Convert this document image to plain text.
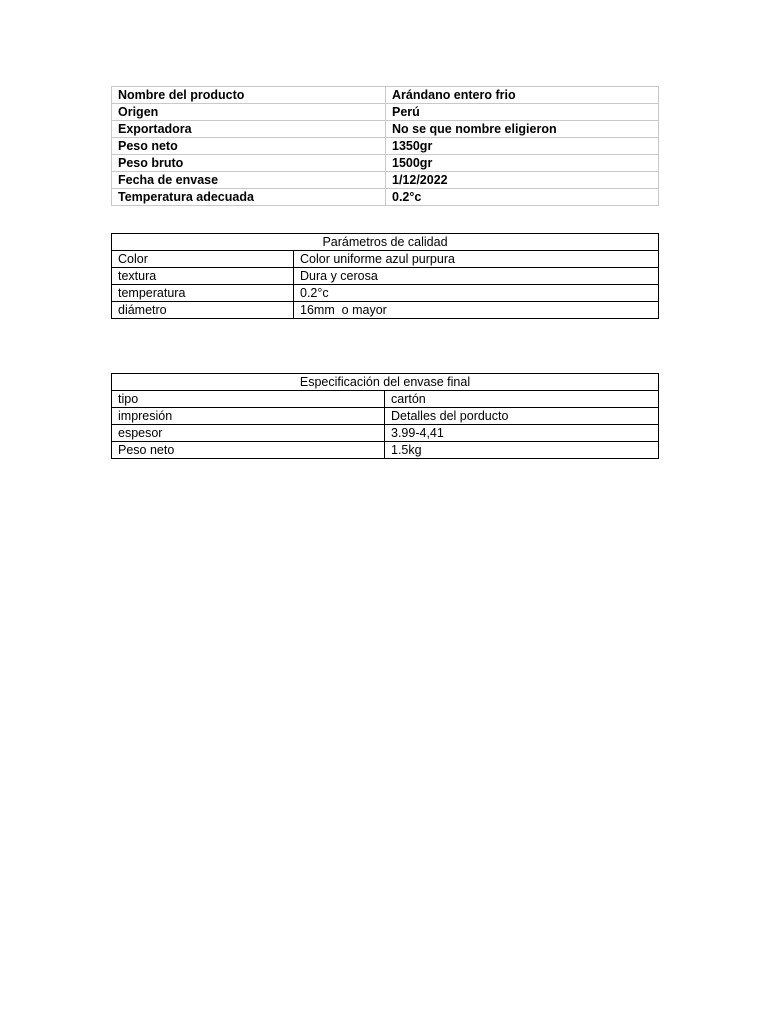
Nombre del producto	Arándano entero frio
Origen	Perú
Exportadora	No se que nombre eligieron
Peso neto	1350gr
Peso bruto	1500gr
Fecha de envase	1/12/2022
Temperatura adecuada	0.2°c
Parámetros de calidad	
Color	Color uniforme azul purpura
textura	Dura y cerosa
temperatura	0.2°c
diámetro	16mm  o mayor
Especificación del envase final	
tipo	cartón
impresión	Detalles del porducto
espesor	3.99-4,41
Peso neto	1.5kg
